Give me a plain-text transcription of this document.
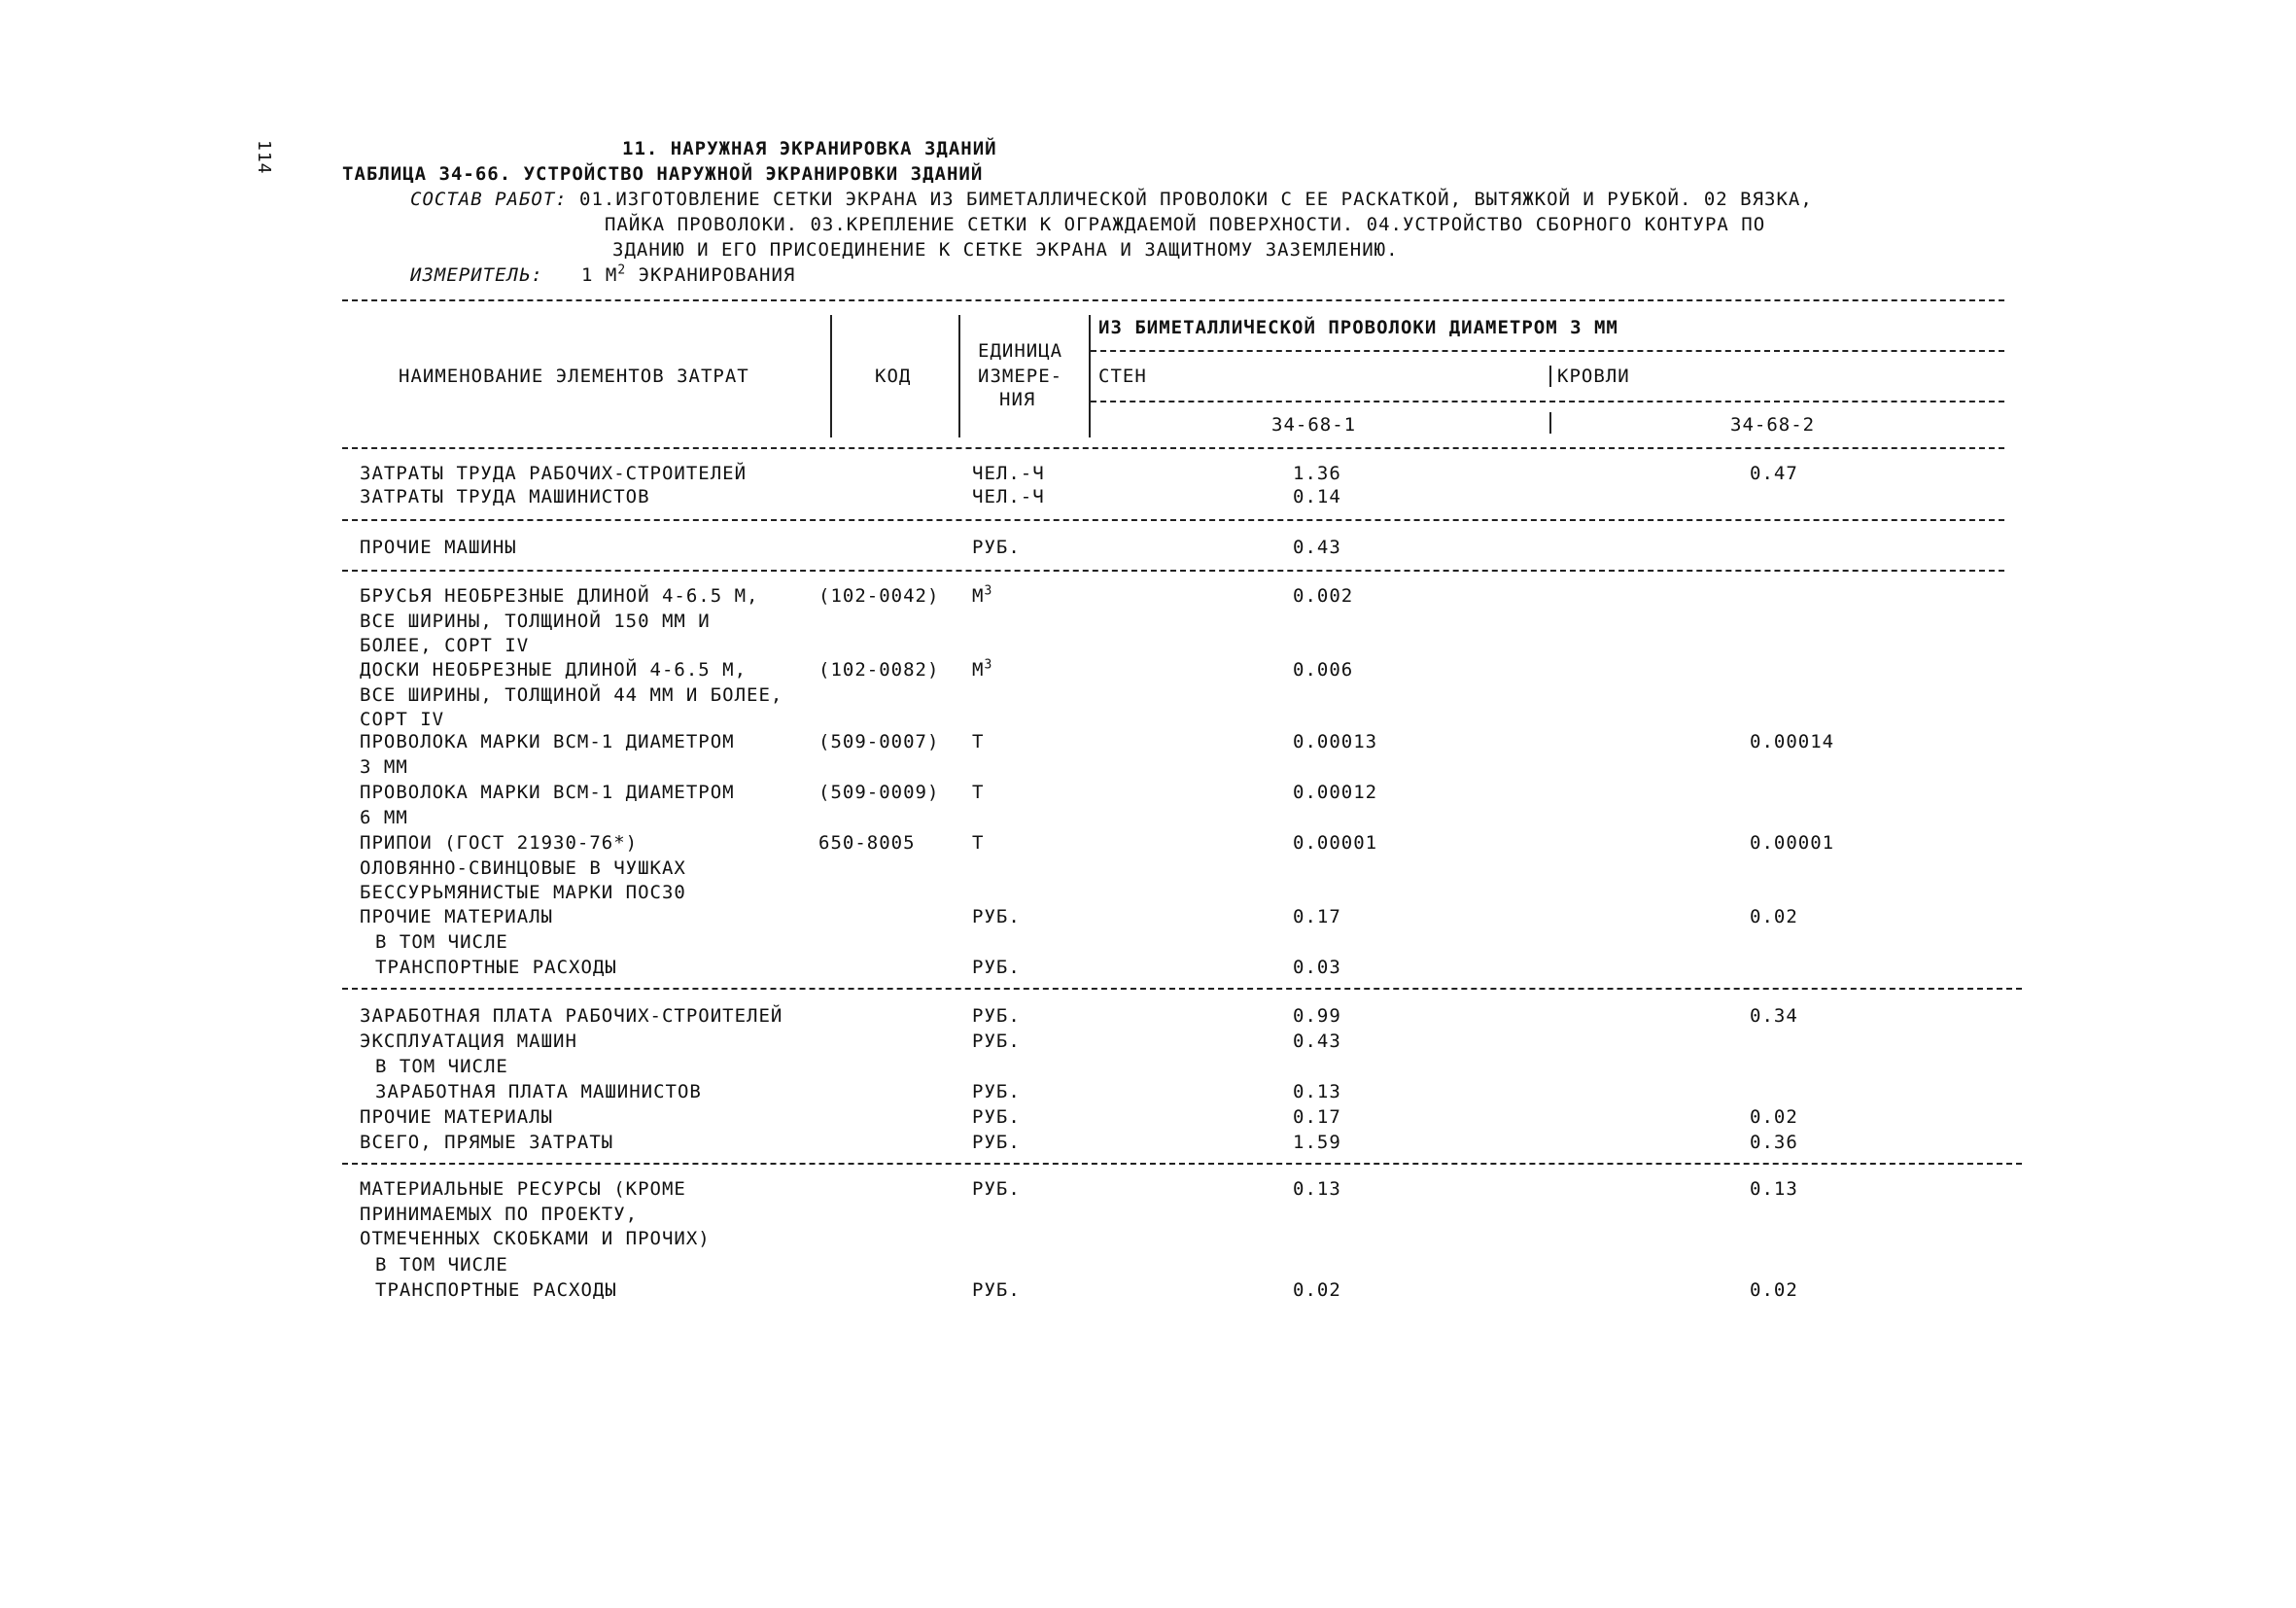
114	11. НАРУЖНАЯ ЭКРАНИРОВКА ЗДАНИЙ
ТАБЛИЦА 34-66. УСТРОЙСТВО НАРУЖНОЙ ЭКРАНИРОВКИ ЗДАНИЙ
СОСТАВ РАБОТ: 01.ИЗГОТОВЛЕНИЕ СЕТКИ ЭКРАНА ИЗ БИМЕТАЛЛИЧЕСКОЙ ПРОВОЛОКИ С ЕЕ РАСКАТКОЙ, ВЫТЯЖКОЙ И РУБКОЙ. 02 ВЯЗКА,
ПАЙКА ПРОВОЛОКИ. 03.КРЕПЛЕНИЕ СЕТКИ К ОГРАЖДАЕМОЙ ПОВЕРХНОСТИ. 04.УСТРОЙСТВО СБОРНОГО КОНТУРА ПО
ЗДАНИЮ И ЕГО ПРИСОЕДИНЕНИЕ К СЕТКЕ ЭКРАНА И ЗАЩИТНОМУ ЗАЗЕМЛЕНИЮ.
ИЗМЕРИТЕЛЬ: 1 $М^2$ ЭКРАНИРОВАНИЯ
НАИМЕНОВАНИЕ ЭЛЕМЕНТОВ ЗАТРАТ	КОД
ЕДИНИЦА
ИЗМЕРЕ-
НИЯ
ИЗ БИМЕТАЛЛИЧЕСКОЙ ПРОВОЛОКИ ДИАМЕТРОМ 3 ММ
СТЕН	КРОВЛИ
34-68-1	34-68-2
ЗАТРАТЫ ТРУДА РАБОЧИХ-СТРОИТЕЛЕЙ	ЧЕЛ.-Ч	1.36	0.47
ЗАТРАТЫ ТРУДА МАШИНИСТОВ	ЧЕЛ.-Ч	0.14
ПРОЧИЕ МАШИНЫ	РУБ.	0.43
БРУСЬЯ НЕОБРЕЗНЫЕ ДЛИНОЙ 4-6.5 М,
ВСЕ ШИРИНЫ, ТОЛЩИНОЙ 150 ММ И
БОЛЕЕ, СОРТ IV
(102-0042) $М^3$	0.002
ДОСКИ НЕОБРЕЗНЫЕ ДЛИНОЙ 4-6.5 М,
ВСЕ ШИРИНЫ, ТОЛЩИНОЙ 44 ММ И БОЛЕЕ,
СОРТ IV
(102-0082) $М^3$	0.006
ПРОВОЛОКА МАРКИ ВСМ-1 ДИАМЕТРОМ
3 ММ
(509-0007) Т	0.00013	0.00014
ПРОВОЛОКА МАРКИ ВСМ-1 ДИАМЕТРОМ
6 ММ
(509-0009) Т	0.00012
ПРИПОИ (ГОСТ 21930-76*)
ОЛОВЯННО-СВИНЦОВЫЕ В ЧУШКАХ
БЕССУРЬМЯНИСТЫЕ МАРКИ ПОС30
650-8005	Т	0.00001	0.00001
ПРОЧИЕ МАТЕРИАЛЫ	РУБ.	0.17	0.02
В ТОМ ЧИСЛЕ
ТРАНСПОРТНЫЕ РАСХОДЫ	РУБ.	0.03
ЗАРАБОТНАЯ ПЛАТА РАБОЧИХ-СТРОИТЕЛЕЙ	РУБ.	0.99	0.34
ЭКСПЛУАТАЦИЯ МАШИН	РУБ.	0.43
В ТОМ ЧИСЛЕ
ЗАРАБОТНАЯ ПЛАТА МАШИНИСТОВ	РУБ.	0.13
ПРОЧИЕ МАТЕРИАЛЫ	РУБ.	0.17	0.02
ВСЕГО, ПРЯМЫЕ ЗАТРАТЫ	РУБ.	1.59	0.36
МАТЕРИАЛЬНЫЕ РЕСУРСЫ (КРОМЕ
ПРИНИМАЕМЫХ ПО ПРОЕКТУ,
ОТМЕЧЕННЫХ СКОБКАМИ И ПРОЧИХ)
РУБ.	0.13	0.13
В ТОМ ЧИСЛЕ
ТРАНСПОРТНЫЕ РАСХОДЫ	РУБ.	0.02	0.02
